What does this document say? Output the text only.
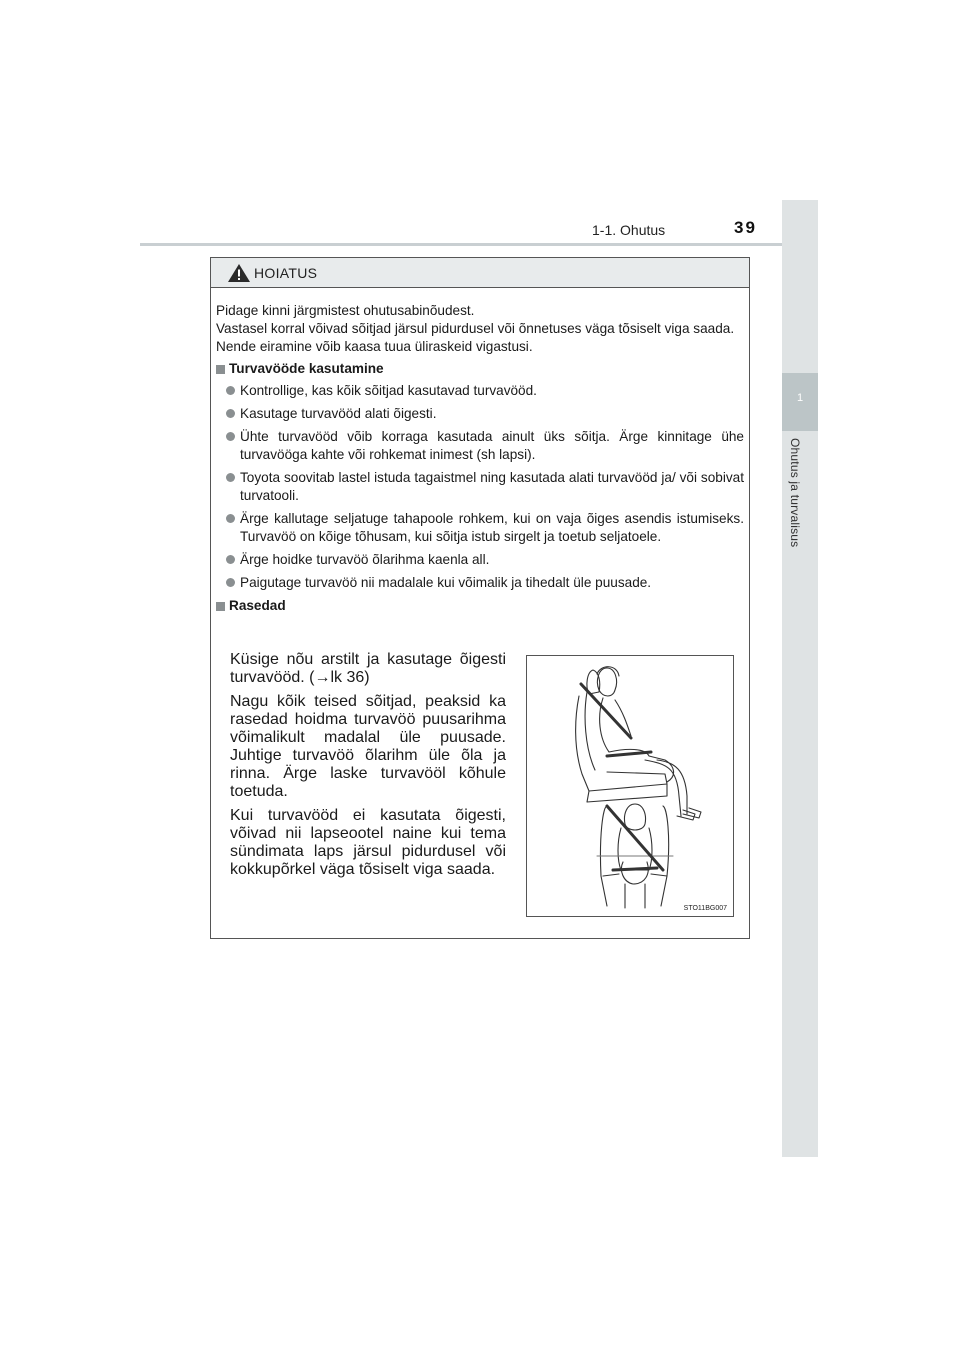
1-1. Ohutus	39
1
Ohutus ja turvalisus
HOIATUS

Pidage kinni järgmistest ohutusabinõudest.

Vastasel korral võivad sõitjad järsul pidurdusel või õnnetuses väga tõsiselt viga saada.

Nende eiramine võib kaasa tuua üliraskeid vigastusi.

Turvavööde kasutamine
Kontrollige, kas kõik sõitjad kasutavad turvavööd.
Kasutage turvavööd alati õigesti.
Ühte turvavööd võib korraga kasutada ainult üks sõitja. Ärge kinnitage ühe turvavööga kahte või rohkemat inimest (sh lapsi).
Toyota soovitab lastel istuda tagaistmel ning kasutada alati turvavööd ja/ või sobivat turvatooli.
Ärge kallutage seljatuge tahapoole rohkem, kui on vaja õiges asendis istumiseks. Turvavöö on kõige tõhusam, kui sõitja istub sirgelt ja toetub seljatoele.
Ärge hoidke turvavöö õlarihma kaenla all.
Paigutage turvavöö nii madalale kui võimalik ja tihedalt üle puusade.
Rasedad

Küsige nõu arstilt ja kasutage õigesti turvavööd. (→lk 36)

Nagu kõik teised sõitjad, peaksid ka rasedad hoidma turvavöö puusarihma võimalikult madalal üle puusade. Juhtige turvavöö õlarihm üle õla ja rinna. Ärge laske turvavööl kõhule toetuda.

Kui turvavööd ei kasutata õigesti, võivad nii lapseootel naine kui tema sündimata laps järsul pidurdusel või kokkupõrkel väga tõsiselt viga saada.

STO11BG007
